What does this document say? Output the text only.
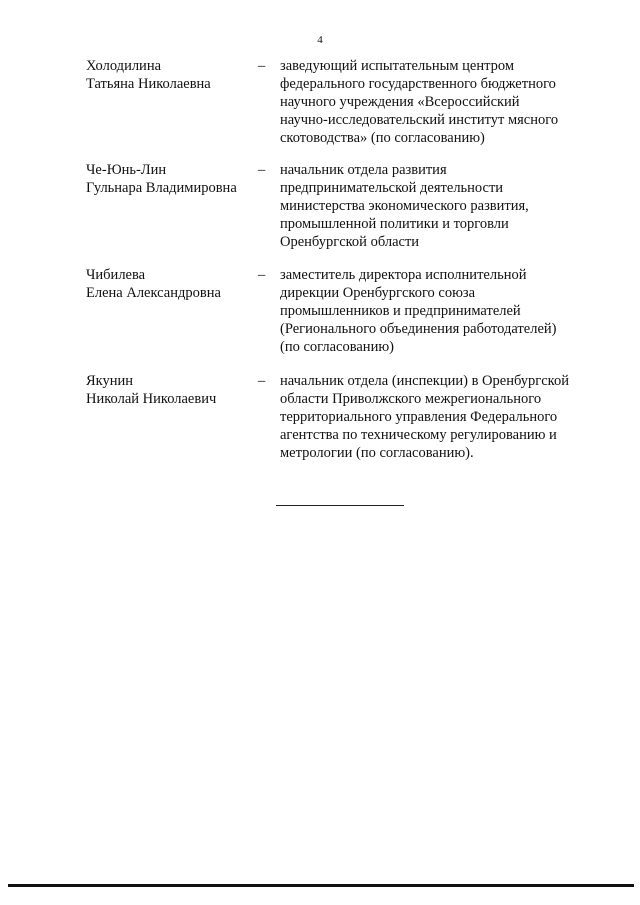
4
Холодилина
Татьяна Николаевна
– заведующий испытательным центром
федерального государственного бюджетного
научного учреждения «Всероссийский
научно-исследовательский институт мясного
скотоводства» (по согласованию)
Че-Юнь-Лин
Гульнара Владимировна
– начальник отдела развития
предпринимательской деятельности
министерства экономического развития,
промышленной политики и торговли
Оренбургской области
Чибилева
Елена Александровна
– заместитель директора исполнительной
дирекции Оренбургского союза
промышленников и предпринимателей
(Регионального объединения работодателей)
(по согласованию)
Якунин
Николай Николаевич
– начальник отдела (инспекции) в Оренбургской
области Приволжского межрегионального
территориального управления Федерального
агентства по техническому регулированию и
метрологии (по согласованию).
